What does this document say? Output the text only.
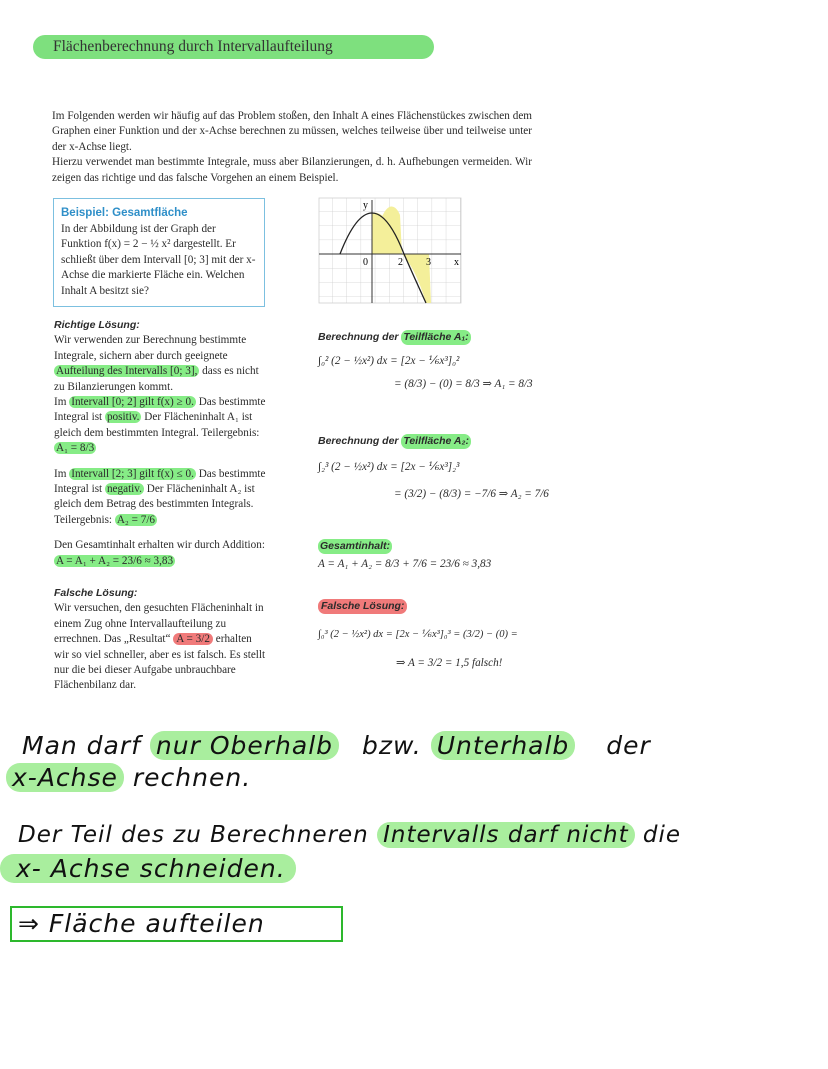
Flächenberechnung durch Intervallaufteilung

Im Folgenden werden wir häufig auf das Problem stoßen, den Inhalt A eines Flächenstückes zwischen dem Graphen einer Funktion und der x-Achse berechnen zu müssen, welches teilweise über und teilweise unter der x-Achse liegt.

Hierzu verwendet man bestimmte Integrale, muss aber Bilanzierungen, d. h. Aufhebungen vermeiden. Wir zeigen das richtige und das falsche Vorgehen an einem Beispiel.

Beispiel: Gesamtfläche
In der Abbildung ist der Graph der Funktion f(x) = 2 − ½ x² dargestellt. Er schließt über dem Intervall [0; 3] mit der x-Achse die markierte Fläche ein. Welchen Inhalt A besitzt sie?
y
x
0	2 3
Richtige Lösung:

Wir verwenden zur Berechnung bestimmte Integrale, sichern aber durch geeignete Aufteilung des Intervalls [0; 3], dass es nicht zu Bilanzierungen kommt.

Im Intervall [0; 2] gilt f(x) ≥ 0. Das bestimmte Integral ist positiv. Der Flächeninhalt A₁ ist gleich dem bestimmten Integral. Teilergebnis: A₁ = 8/3

Im Intervall [2; 3] gilt f(x) ≤ 0. Das bestimmte Integral ist negativ. Der Flächeninhalt A₂ ist gleich dem Betrag des bestimmten Integrals. Teilergebnis: A₂ = 7/6

Den Gesamtinhalt erhalten wir durch Addition: A = A₁ + A₂ = 23/6 ≈ 3,83

Falsche Lösung:

Wir versuchen, den gesuchten Flächeninhalt in einem Zug ohne Intervallaufteilung zu errechnen. Das „Resultat“ A = 3/2 erhalten wir so viel schneller, aber es ist falsch. Es stellt nur die bei dieser Aufgabe unbrauchbare Flächenbilanz dar.

Berechnung der Teilfläche A₁:
∫₀² (2 − ½x²) dx = [2x − ⅙x³]₀²
= (8/3) − (0) = 8/3 ⇒ A₁ = 8/3
Berechnung der Teilfläche A₂:
∫₂³ (2 − ½x²) dx = [2x − ⅙x³]₂³
= (3/2) − (8/3) = −7/6 ⇒ A₂ = 7/6
Gesamtinhalt:
A = A₁ + A₂ = 8/3 + 7/6 = 23/6 ≈ 3,83
Falsche Lösung:
∫₀³ (2 − ½x²) dx = [2x − ⅙x³]₀³ = (3/2) − (0) =
⇒ A = 3/2 = 1,5 falsch!
Man darf nur Oberhalb bzw. Unterhalb der
x-Achse rechnen.
Der Teil des zu Berechneren Intervalls darf nicht die
x- Achse schneiden.
⇒ Fläche aufteilen
